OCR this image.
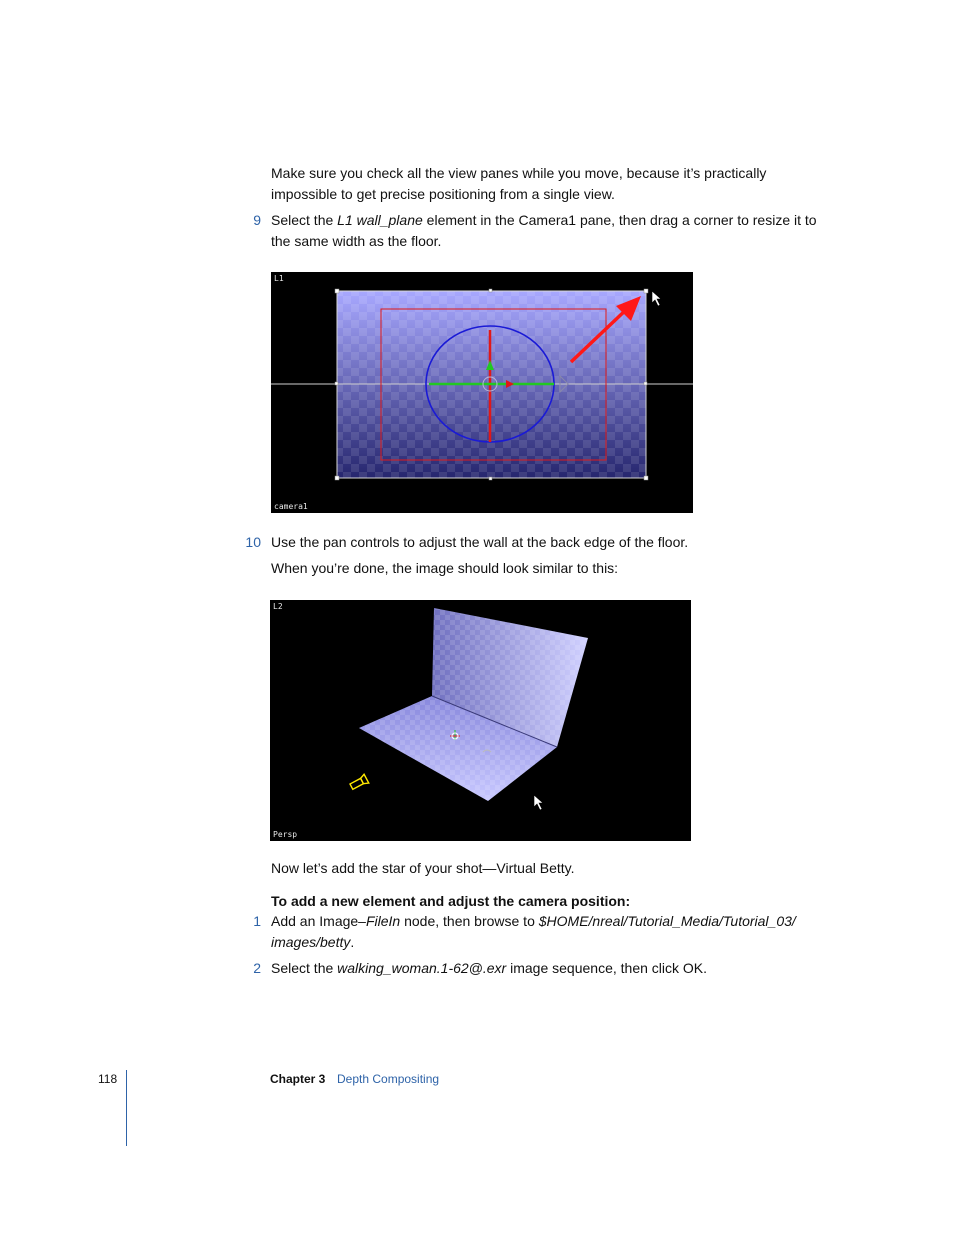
Make sure you check all the view panes while you move, because it’s practically impossible to get precise positioning from a single view.

9 Select the L1 wall_plane element in the Camera1 pane, then drag a corner to resize it to the same width as the floor.

L1
camera1
10 Use the pan controls to adjust the wall at the back edge of the floor.

When you’re done, the image should look similar to this:

L2
Persp

Now let’s add the star of your shot—Virtual Betty.

To add a new element and adjust the camera position:

1 Add an Image–FileIn node, then browse to $HOME/nreal/Tutorial_Media/Tutorial_03/ images/betty.

2 Select the walking_woman.1-62@.exr image sequence, then click OK.

118	Chapter 3 Depth Compositing
